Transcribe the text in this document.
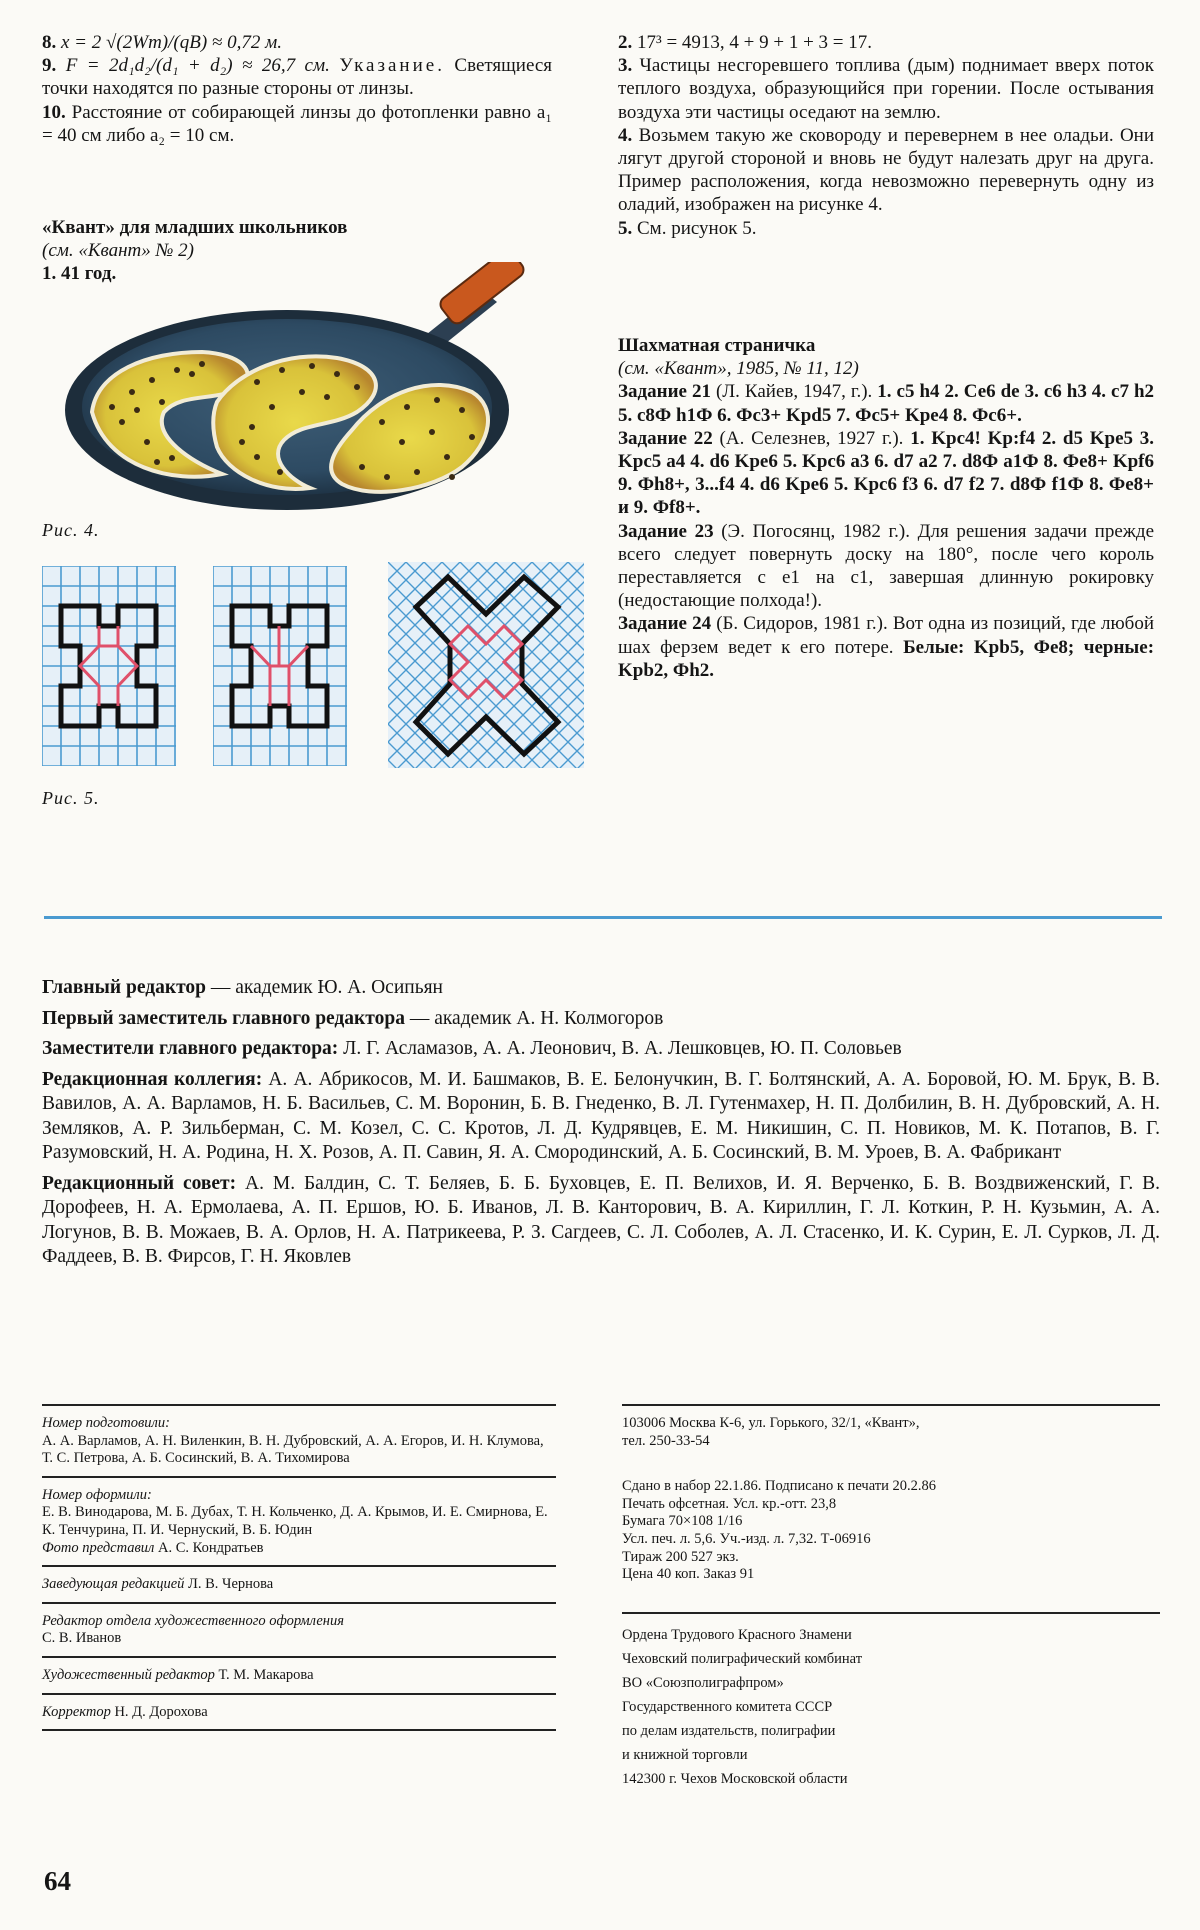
8. x = 2 √(2Wm)/(qB) ≈ 0,72 м.

9. F = 2d₁d₂/(d₁ + d₂) ≈ 26,7 см. Указание. Светящиеся точки находятся по разные стороны от линзы.

10. Расстояние от собирающей линзы до фотопленки равно a₁ = 40 см либо a₂ = 10 см.

«Квант» для младших школьников

(см. «Квант» № 2)

1. 41 год.

Рис. 4.
Рис. 5.

2. 17³ = 4913, 4 + 9 + 1 + 3 = 17.

3. Частицы несгоревшего топлива (дым) поднимает вверх поток теплого воздуха, образующийся при горении. После остывания воздуха эти частицы оседают на землю.

4. Возьмем такую же сковороду и перевернем в нее оладьи. Они лягут другой стороной и вновь не будут налезать друг на друга. Пример расположения, когда невозможно перевернуть одну из оладий, изображен на рисунке 4.

5. См. рисунок 5.

Шахматная страничка

(см. «Квант», 1985, № 11, 12)

Задание 21 (Л. Кайев, 1947, г.). 1. c5 h4 2. Се6 de 3. c6 h3 4. c7 h2 5. c8Ф h1Ф 6. Фс3+ Kpd5 7. Фс5+ Kpe4 8. Фс6+.

Задание 22 (А. Селезнев, 1927 г.). 1. Kpc4! Kp:f4 2. d5 Kpe5 3. Kpc5 a4 4. d6 Kpe6 5. Kpc6 a3 6. d7 a2 7. d8Ф a1Ф 8. Фе8+ Kpf6 9. Фh8+, 3...f4 4. d6 Kpe6 5. Kpc6 f3 6. d7 f2 7. d8Ф f1Ф 8. Фе8+ и 9. Фf8+.

Задание 23 (Э. Погосянц, 1982 г.). Для решения задачи прежде всего следует повернуть доску на 180°, после чего король переставляется с e1 на c1, завершая длинную рокировку (недостающие полхода!).

Задание 24 (Б. Сидоров, 1981 г.). Вот одна из позиций, где любой шах ферзем ведет к его потере. Белые: Kpb5, Фе8; черные: Kpb2, Фh2.

Главный редактор — академик Ю. А. Осипьян

Первый заместитель главного редактора — академик А. Н. Колмогоров

Заместители главного редактора: Л. Г. Асламазов, А. А. Леонович, В. А. Лешковцев, Ю. П. Соловьев

Редакционная коллегия: А. А. Абрикосов, М. И. Башмаков, В. Е. Белонучкин, В. Г. Болтянский, А. А. Боровой, Ю. М. Брук, В. В. Вавилов, А. А. Варламов, Н. Б. Васильев, С. М. Воронин, Б. В. Гнеденко, В. Л. Гутенмахер, Н. П. Долбилин, В. Н. Дубровский, А. Н. Земляков, А. Р. Зильберман, С. М. Козел, С. С. Кротов, Л. Д. Кудрявцев, Е. М. Никишин, С. П. Новиков, М. К. Потапов, В. Г. Разумовский, Н. А. Родина, Н. Х. Розов, А. П. Савин, Я. А. Смородинский, А. Б. Сосинский, В. М. Уроев, В. А. Фабрикант

Редакционный совет: А. М. Балдин, С. Т. Беляев, Б. Б. Буховцев, Е. П. Велихов, И. Я. Верченко, Б. В. Воздвиженский, Г. В. Дорофеев, Н. А. Ермолаева, А. П. Ершов, Ю. Б. Иванов, Л. В. Канторович, В. А. Кириллин, Г. Л. Коткин, Р. Н. Кузьмин, А. А. Логунов, В. В. Можаев, В. А. Орлов, Н. А. Патрикеева, Р. З. Сагдеев, С. Л. Соболев, А. Л. Стасенко, И. К. Сурин, Е. Л. Сурков, Л. Д. Фаддеев, В. В. Фирсов, Г. Н. Яковлев

Номер подготовили:

А. А. Варламов, А. Н. Виленкин, В. Н. Дубровский, А. А. Егоров, И. Н. Клумова, Т. С. Петрова, А. Б. Сосинский, В. А. Тихомирова

Номер оформили:

Е. В. Винодарова, М. Б. Дубах, Т. Н. Кольченко, Д. А. Крымов, И. Е. Смирнова, Е. К. Тенчурина, П. И. Чернуский, В. Б. Юдин

Фото представил А. С. Кондратьев

Заведующая редакцией Л. В. Чернова

Редактор отдела художественного оформления

С. В. Иванов

Художественный редактор Т. М. Макарова

Корректор Н. Д. Дорохова

103006 Москва К-6, ул. Горького, 32/1, «Квант»,

тел. 250-33-54

Сдано в набор 22.1.86. Подписано к печати 20.2.86

Печать офсетная. Усл. кр.-отт. 23,8

Бумага 70×108 1/16

Усл. печ. л. 5,6. Уч.-изд. л. 7,32. Т-06916

Тираж 200 527 экз.

Цена 40 коп. Заказ 91

Ордена Трудового Красного Знамени

Чеховский полиграфический комбинат

ВО «Союзполиграфпром»

Государственного комитета СССР

по делам издательств, полиграфии

и книжной торговли

142300 г. Чехов Московской области

64
